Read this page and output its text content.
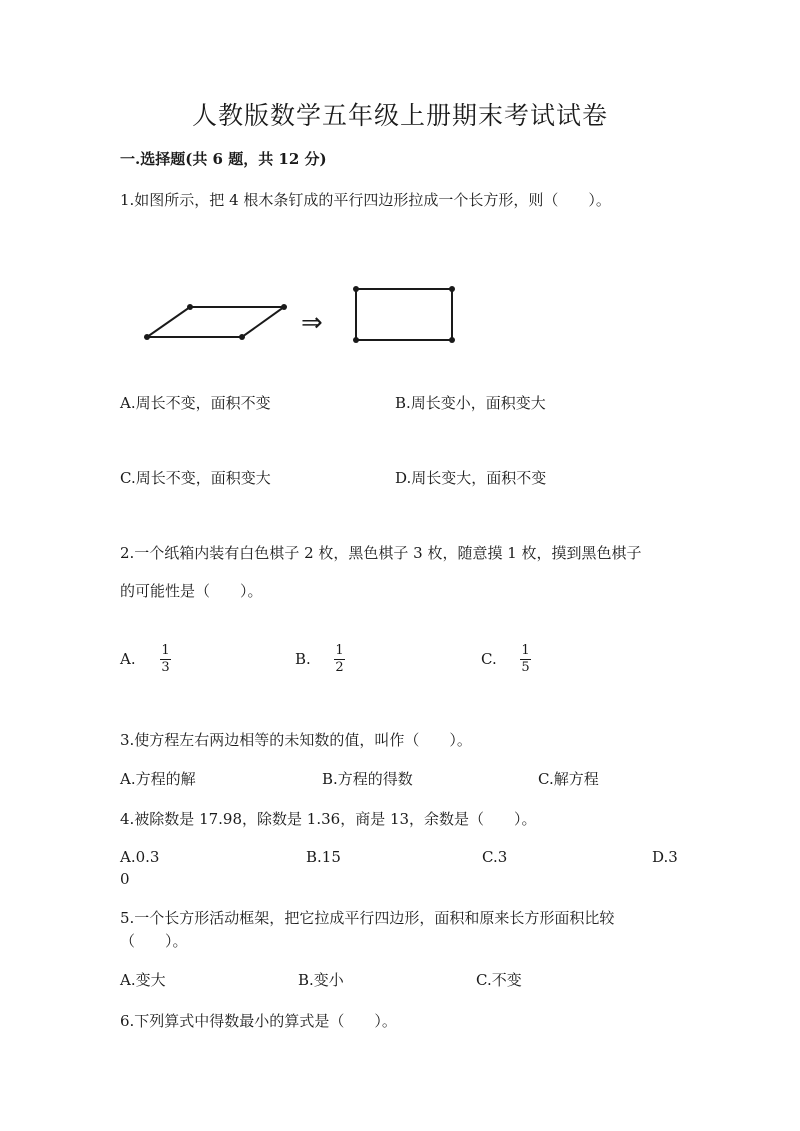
人教版数学五年级上册期末考试试卷
一.选择题(共 6 题，共 12 分)
1.如图所示，把 4 根木条钉成的平行四边形拉成一个长方形，则（　　）。
⇒
A.周长不变，面积不变	B.周长变小，面积变大
C.周长不变，面积变大	D.周长变大，面积不变
2.一个纸箱内装有白色棋子 2 枚，黑色棋子 3 枚，随意摸 1 枚，摸到黑色棋子
的可能性是（　　）。
A. 1
3	B. 1
2	C. 1
5
3.使方程左右两边相等的未知数的值，叫作（　　）。
A.方程的解	B.方程的得数	C.解方程
4.被除数是 17.98，除数是 1.36，商是 13，余数是（　　）。
A.0.3	B.15	C.3	D.3
0
5.一个长方形活动框架，把它拉成平行四边形，面积和原来长方形面积比较
（　　）。
A.变大	B.变小	C.不变
6.下列算式中得数最小的算式是（　　）。
